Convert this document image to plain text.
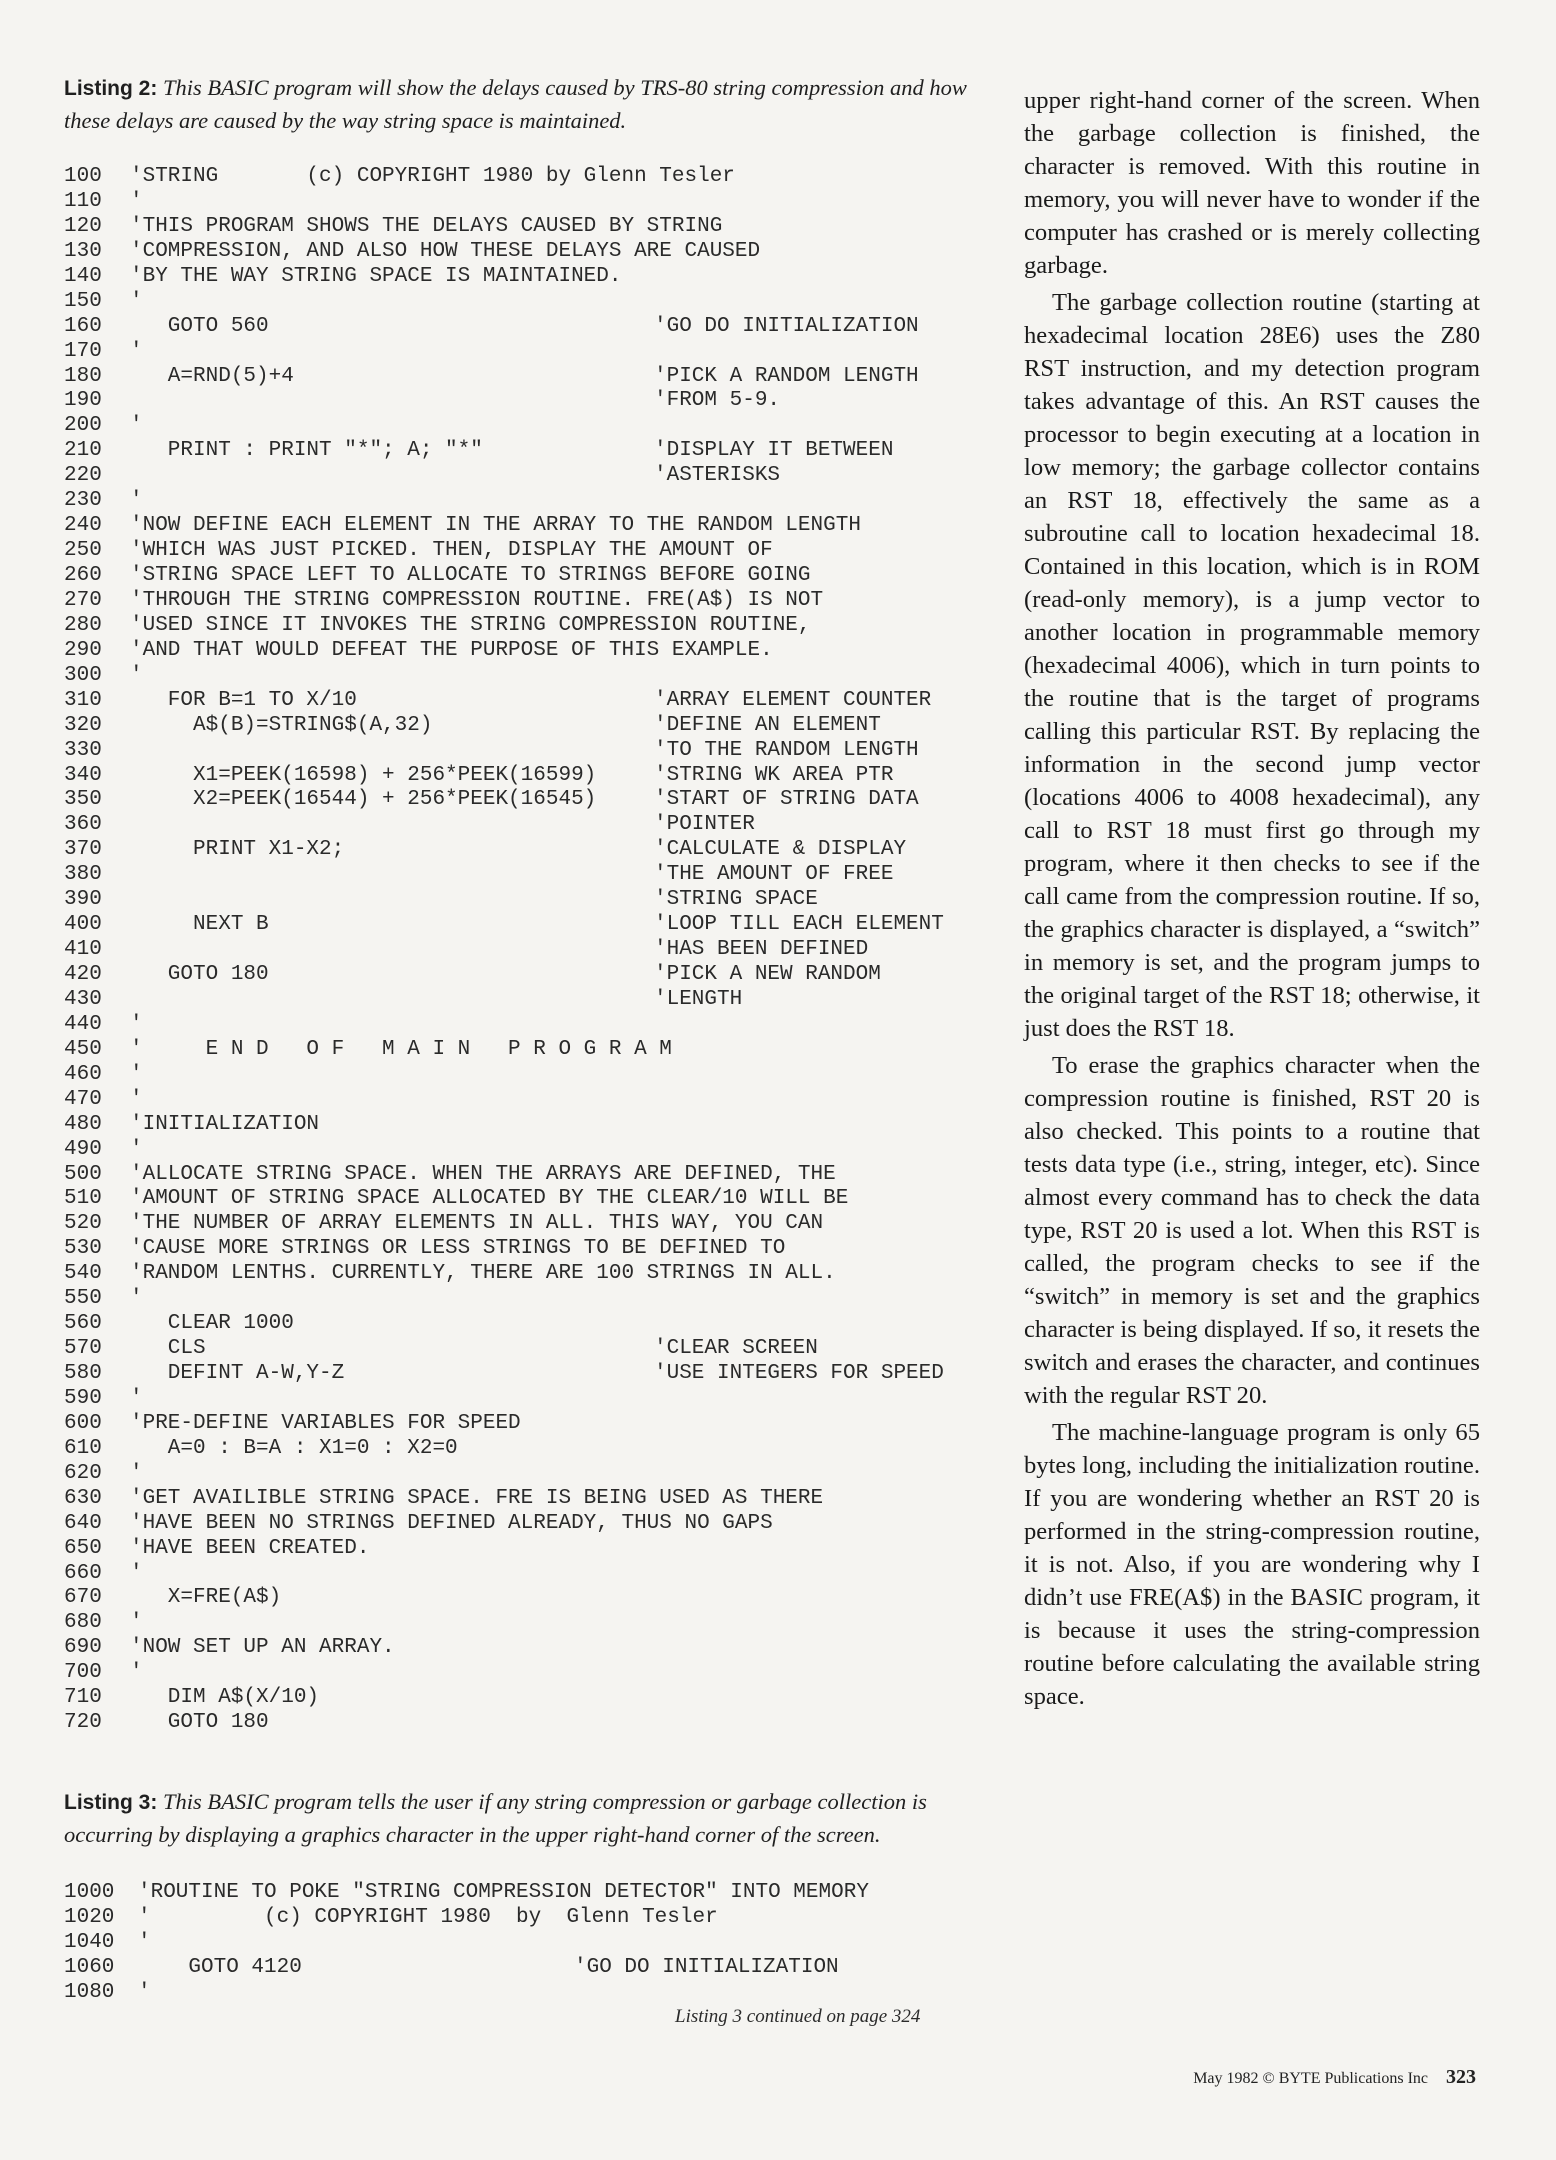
Listing 2: This BASIC program will show the delays caused by TRS-80 string compression and how these delays are caused by the way string space is maintained.

100	'STRING       (c) COPYRIGHT 1980 by Glenn Tesler
110	'
120	'THIS PROGRAM SHOWS THE DELAYS CAUSED BY STRING
130	'COMPRESSION, AND ALSO HOW THESE DELAYS ARE CAUSED
140	'BY THE WAY STRING SPACE IS MAINTAINED.
150	'
160	GOTO 560	'GO DO INITIALIZATION
170	'
180	A=RND(5)+4	'PICK A RANDOM LENGTH
190	'FROM 5-9.
200	'
210	PRINT : PRINT "*"; A; "*"	'DISPLAY IT BETWEEN
220	'ASTERISKS
230	'
240	'NOW DEFINE EACH ELEMENT IN THE ARRAY TO THE RANDOM LENGTH
250	'WHICH WAS JUST PICKED. THEN, DISPLAY THE AMOUNT OF
260	'STRING SPACE LEFT TO ALLOCATE TO STRINGS BEFORE GOING
270	'THROUGH THE STRING COMPRESSION ROUTINE. FRE(A$) IS NOT
280	'USED SINCE IT INVOKES THE STRING COMPRESSION ROUTINE,
290	'AND THAT WOULD DEFEAT THE PURPOSE OF THIS EXAMPLE.
300	'
310	FOR B=1 TO X/10	'ARRAY ELEMENT COUNTER
320	A$(B)=STRING$(A,32)	'DEFINE AN ELEMENT
330	'TO THE RANDOM LENGTH
340	X1=PEEK(16598) + 256*PEEK(16599)	'STRING WK AREA PTR
350	X2=PEEK(16544) + 256*PEEK(16545)	'START OF STRING DATA
360	'POINTER
370	PRINT X1-X2;	'CALCULATE & DISPLAY
380	'THE AMOUNT OF FREE
390	'STRING SPACE
400	NEXT B	'LOOP TILL EACH ELEMENT
410	'HAS BEEN DEFINED
420	GOTO 180	'PICK A NEW RANDOM
430	'LENGTH
440	'
450	'     E N D   O F   M A I N   P R O G R A M
460	'
470	'
480	'INITIALIZATION
490	'
500	'ALLOCATE STRING SPACE. WHEN THE ARRAYS ARE DEFINED, THE
510	'AMOUNT OF STRING SPACE ALLOCATED BY THE CLEAR/10 WILL BE
520	'THE NUMBER OF ARRAY ELEMENTS IN ALL. THIS WAY, YOU CAN
530	'CAUSE MORE STRINGS OR LESS STRINGS TO BE DEFINED TO
540	'RANDOM LENTHS. CURRENTLY, THERE ARE 100 STRINGS IN ALL.
550	'
560	CLEAR 1000
570	CLS	'CLEAR SCREEN
580	DEFINT A-W,Y-Z	'USE INTEGERS FOR SPEED
590	'
600	'PRE-DEFINE VARIABLES FOR SPEED
610	A=0 : B=A : X1=0 : X2=0
620	'
630	'GET AVAILIBLE STRING SPACE. FRE IS BEING USED AS THERE
640	'HAVE BEEN NO STRINGS DEFINED ALREADY, THUS NO GAPS
650	'HAVE BEEN CREATED.
660	'
670	X=FRE(A$)
680	'
690	'NOW SET UP AN ARRAY.
700	'
710	DIM A$(X/10)
720	GOTO 180

Listing 3: This BASIC program tells the user if any string compression or garbage collection is occurring by displaying a graphics character in the upper right-hand corner of the screen.

1000	'ROUTINE TO POKE "STRING COMPRESSION DETECTOR" INTO MEMORY
1020	'         (c) COPYRIGHT 1980  by  Glenn Tesler
1040	'
1060	GOTO 4120	'GO DO INITIALIZATION
1080	'
Listing 3 continued on page 324

upper right-hand corner of the screen. When the garbage collection is finished, the character is removed. With this routine in memory, you will never have to wonder if the computer has crashed or is merely collecting garbage.

The garbage collection routine (starting at hexadecimal location 28E6) uses the Z80 RST instruction, and my detection program takes advantage of this. An RST causes the processor to begin executing at a location in low memory; the garbage collector contains an RST 18, effectively the same as a subroutine call to location hexadecimal 18. Contained in this location, which is in ROM (read-only memory), is a jump vector to another location in programmable memory (hexadecimal 4006), which in turn points to the routine that is the target of programs calling this particular RST. By replacing the information in the second jump vector (locations 4006 to 4008 hexadecimal), any call to RST 18 must first go through my program, where it then checks to see if the call came from the compression routine. If so, the graphics character is displayed, a “switch” in memory is set, and the program jumps to the original target of the RST 18; otherwise, it just does the RST 18.

To erase the graphics character when the compression routine is finished, RST 20 is also checked. This points to a routine that tests data type (i.e., string, integer, etc). Since almost every command has to check the data type, RST 20 is used a lot. When this RST is called, the program checks to see if the “switch” in memory is set and the graphics character is being displayed. If so, it resets the switch and erases the character, and continues with the regular RST 20.

The machine-language program is only 65 bytes long, including the initialization routine. If you are wondering whether an RST 20 is performed in the string-compression routine, it is not. Also, if you are wondering why I didn’t use FRE(A$) in the BASIC program, it is because it uses the string-compression routine before calculating the available string space.

May 1982 © BYTE Publications Inc 323
